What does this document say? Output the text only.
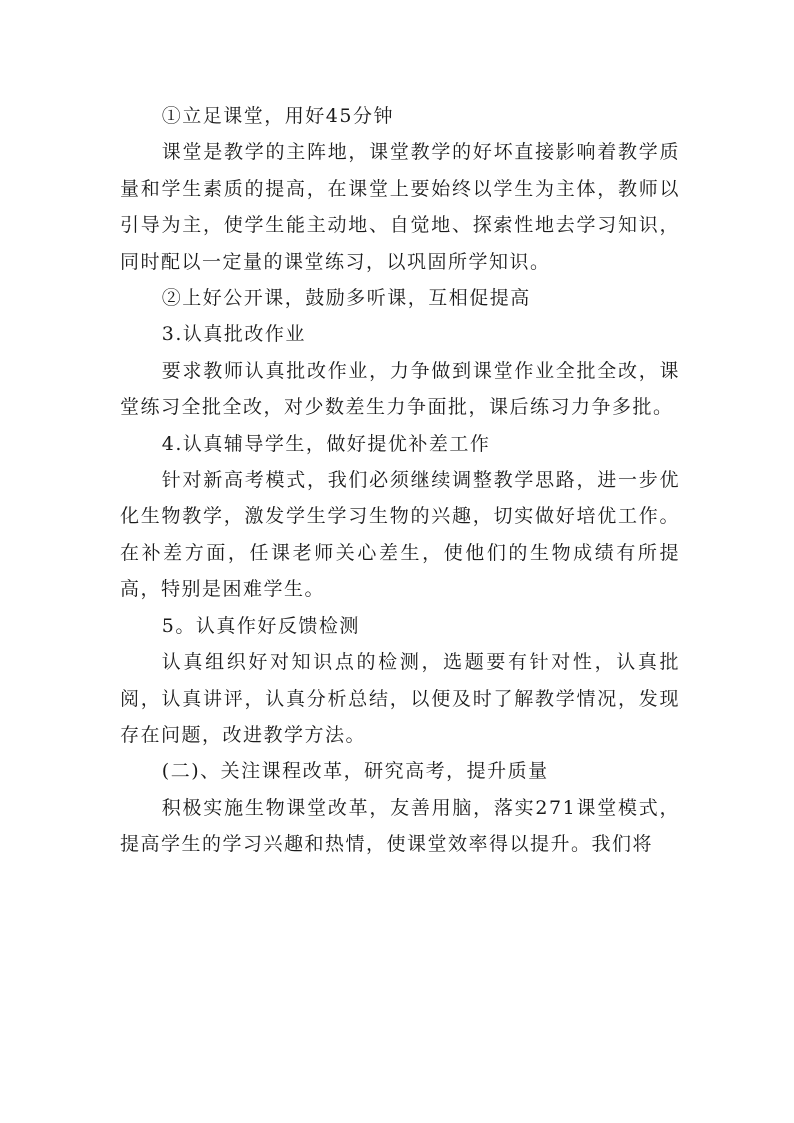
①立足课堂，用好45分钟

课堂是教学的主阵地，课堂教学的好坏直接影响着教学质量和学生素质的提高，在课堂上要始终以学生为主体，教师以引导为主，使学生能主动地、自觉地、探索性地去学习知识，同时配以一定量的课堂练习，以巩固所学知识。

②上好公开课，鼓励多听课，互相促提高

3.认真批改作业

要求教师认真批改作业，力争做到课堂作业全批全改，课堂练习全批全改，对少数差生力争面批，课后练习力争多批。

4.认真辅导学生，做好提优补差工作

针对新高考模式，我们必须继续调整教学思路，进一步优化生物教学，激发学生学习生物的兴趣，切实做好培优工作。在补差方面，任课老师关心差生，使他们的生物成绩有所提高，特别是困难学生。

5。认真作好反馈检测

认真组织好对知识点的检测，选题要有针对性，认真批阅，认真讲评，认真分析总结，以便及时了解教学情况，发现存在问题，改进教学方法。

(二)、关注课程改革，研究高考，提升质量

积极实施生物课堂改革，友善用脑，落实271课堂模式，提高学生的学习兴趣和热情，使课堂效率得以提升。我们将
